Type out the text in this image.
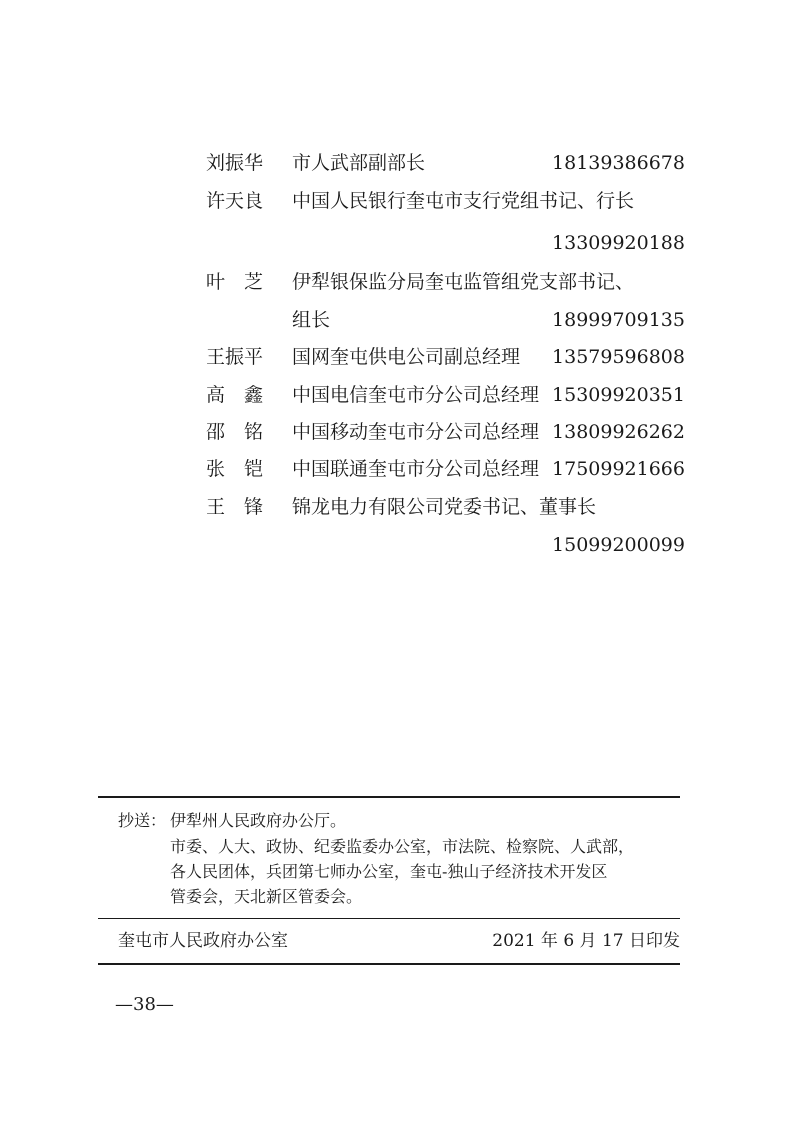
刘振华	市人武部副部长	18139386678
许天良	中国人民银行奎屯市支行党组书记、行长
13309920188
叶　芝	伊犁银保监分局奎屯监管组党支部书记、
组长	18999709135
王振平	国网奎屯供电公司副总经理 13579596808
高　鑫	中国电信奎屯市分公司总经理 15309920351
邵　铭	中国移动奎屯市分公司总经理 13809926262
张　铠	中国联通奎屯市分公司总经理 17509921666
王　锋	锦龙电力有限公司党委书记、董事长
15099200099
抄送： 伊犁州人民政府办公厅。
市委、人大、政协、纪委监委办公室，市法院、检察院、人武部，
各人民团体，兵团第七师办公室，奎屯-独山子经济技术开发区
管委会，天北新区管委会。
奎屯市人民政府办公室	2021 年 6 月 17 日印发
—38—
